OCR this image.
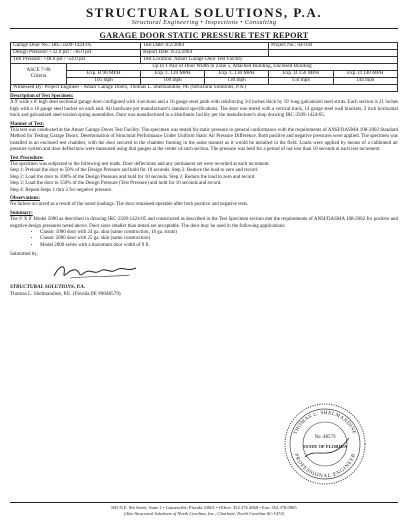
STRUCTURAL SOLUTIONS, P.A.
Structural Engineering • Inspections • Consulting
GARAGE DOOR STATIC PRESSURE TEST REPORT
Garage Door No.: IRC-3509-1424-05		Test Date: 8/2/2004		Project No.: 04-030	
Design Pressure: +32.0 psf / -36.0 psf		Report Date: 8/23/2004			
Test Pressure: +48.0 psf / -54.0 psf		Test Location: Amarr Garage Door Test Facility			
ASCE 7-98
Criteria	Up to 1 Pair of Door Width in Zone 5, Attached Building, Enclosed Building				
	Exp. B 90 MPH	Exp. C 120 MPH	Exp. C 130 MPH	Exp. D 150 MPH	Exp. D 140 MPH
	105 mph	100 mph	130 mph	150 mph	144 mph
Witnessed By: Project Engineer - Amarr Garage Doors, Thomas L. Shelmandine, PE (Structural Solutions, P.A.)					
Description of Test Specimen:
A 9' wide x 8' high steel sectional garage door configured with 4 sections and a 16 gauge steel jamb with reinforcing 3/4 inches thick by 10' long galvanized steel struts. Each section is 21 inches high with a 16 gauge steel backer on each end. All hardware per manufacturer's standard specifications. The door was tested with a vertical track, 14 gauge steel wall brackets, 2 inch horizontal track and galvanized steel torsion spring assemblies. Door was manufactured in a distributor facility per the manufacturer's shop drawing IRC-3509-1424-05.
Manner of Test:
This test was conducted at the Amarr Garage Doors Test Facility. The specimen was tested for static pressure in general conformance with the requirements of ANSI/DASMA 108-2002 Standard Method for Testing Garage Doors: Determination of Structural Performance Under Uniform Static Air Pressure Difference. Both positive and negative pressures were applied. The specimen was installed in an enclosed test chamber, with the door secured to the chamber framing in the same manner as it would be installed in the field. Loads were applied by means of a calibrated air pressure system and door deflections were measured using dial gauges at the center of each section. The pressure was held for a period of not less than 10 seconds at each test increment.
Test Procedure:
The specimen was subjected to the following test loads. Door deflections and any permanent set were recorded at each increment.
Step 1: Preload the door to 50% of the Design Pressure and hold for 10 seconds. Step 2: Reduce the load to zero and record.
Step 2: Load the door to 100% of the Design Pressure and hold for 10 seconds. Step 3: Reduce the load to zero and record.
Step 3: Load the door to 150% of the Design Pressure (Test Pressure) and hold for 10 seconds and record.
Step 4: Repeat Steps 1 thru 3 for negative pressure.
Observations:
No failure occurred as a result of the noted loadings. The door remained operable after both positive and negative tests.
Summary:
The 9' X 8' Model 2000 as described in drawing IRC-3509-1424-05 and constructed as described in the Test Specimen section met the requirements of ANSI/DASMA 108-2002 for positive and negative design pressures noted above. Door sizes smaller than tested are acceptable. The door may be used in the following applications:
• Classic 1000 door with 24 ga. skin (same construction, 16 ga. struts)
• Classic 2000 door with 25 ga. skin (same construction)
• Model 2000 series with a maximum door width of 9 ft.
Submitted by,
STRUCTURAL SOLUTIONS, P.A.
Thomas L. Shelmandine, P.E. (Florida PE #0048579)
THOMAS L. SHELMANDINE
PROFESSIONAL ENGINEER
No. 48579
STATE OF FLORIDA
803 N.E. 8th Street, Suite 1 • Gainesville, Florida 32601 • Office: 352.376.4060 • Fax: 352.378.0905
(Also Structural Solutions of North Carolina, Inc., Charlotte, North Carolina #C-1472)
